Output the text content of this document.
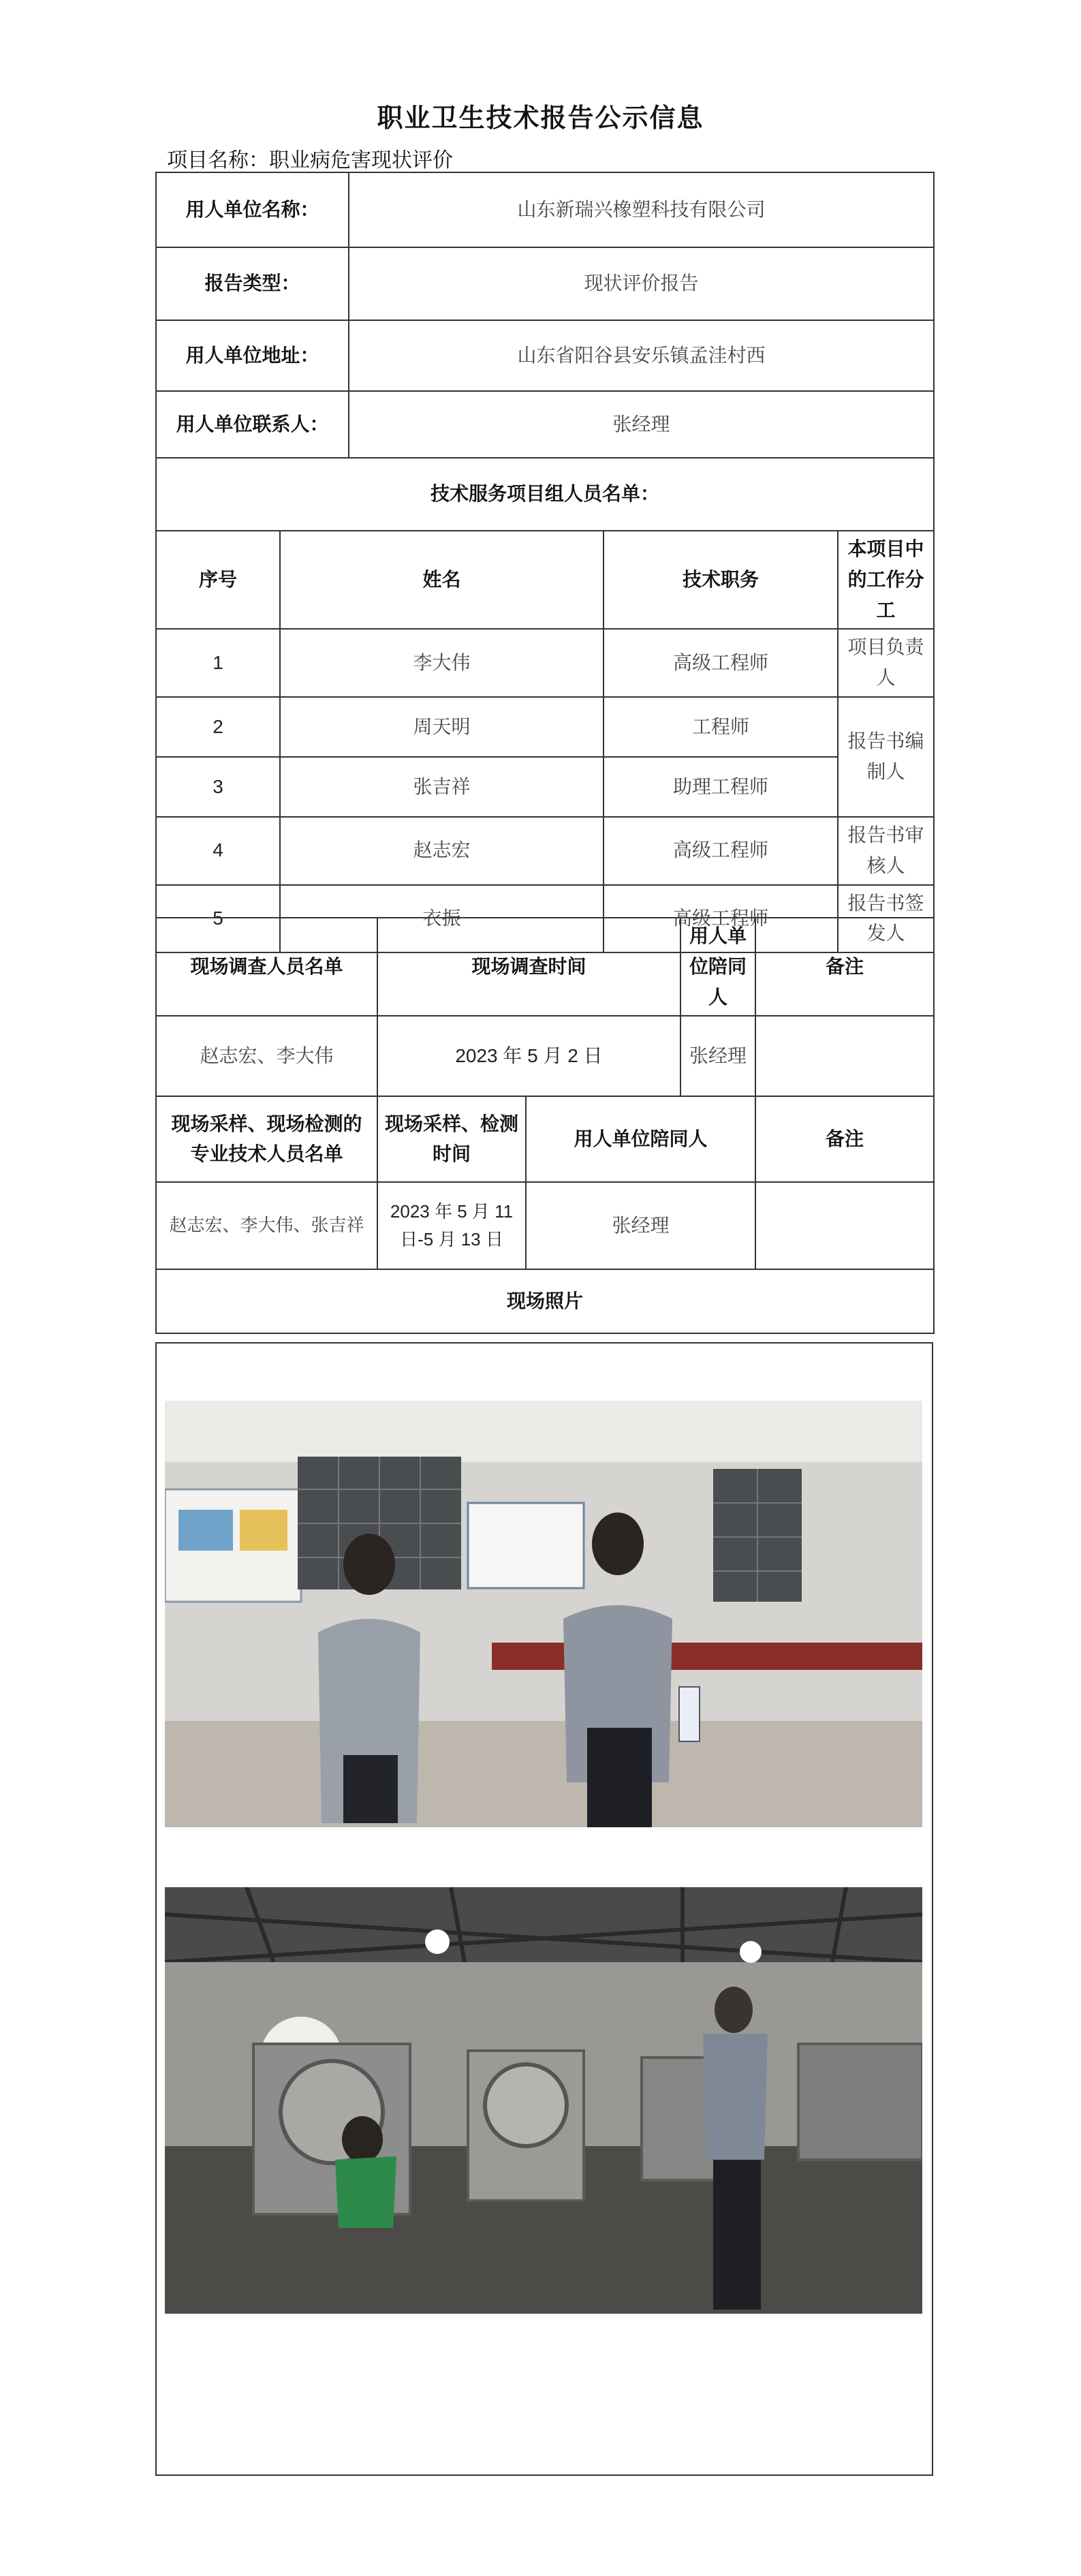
职业卫生技术报告公示信息
项目名称：职业病危害现状评价
用人单位名称：		山东新瑞兴橡塑科技有限公司		
报告类型：		现状评价报告		
用人单位地址：		山东省阳谷县安乐镇孟洼村西		
用人单位联系人：		张经理		
技术服务项目组人员名单：				
序号	姓名		技术职务	本项目中的工作分工
1	李大伟		高级工程师	项目负责人
2	周天明		工程师	报告书编制人
3	张吉祥		助理工程师	
4	赵志宏		高级工程师	报告书审核人
5	衣振		高级工程师	报告书签发人
现场调查人员名单	现场调查时间		用人单位陪同人	备注
赵志宏、李大伟	2023 年 5 月 2 日		张经理	
现场采样、现场检测的专业技术人员名单	现场采样、检测时间	用人单位陪同人		备注
赵志宏、李大伟、张吉祥	2023 年 5 月 11 日-5 月 13 日	张经理		
现场照片				
